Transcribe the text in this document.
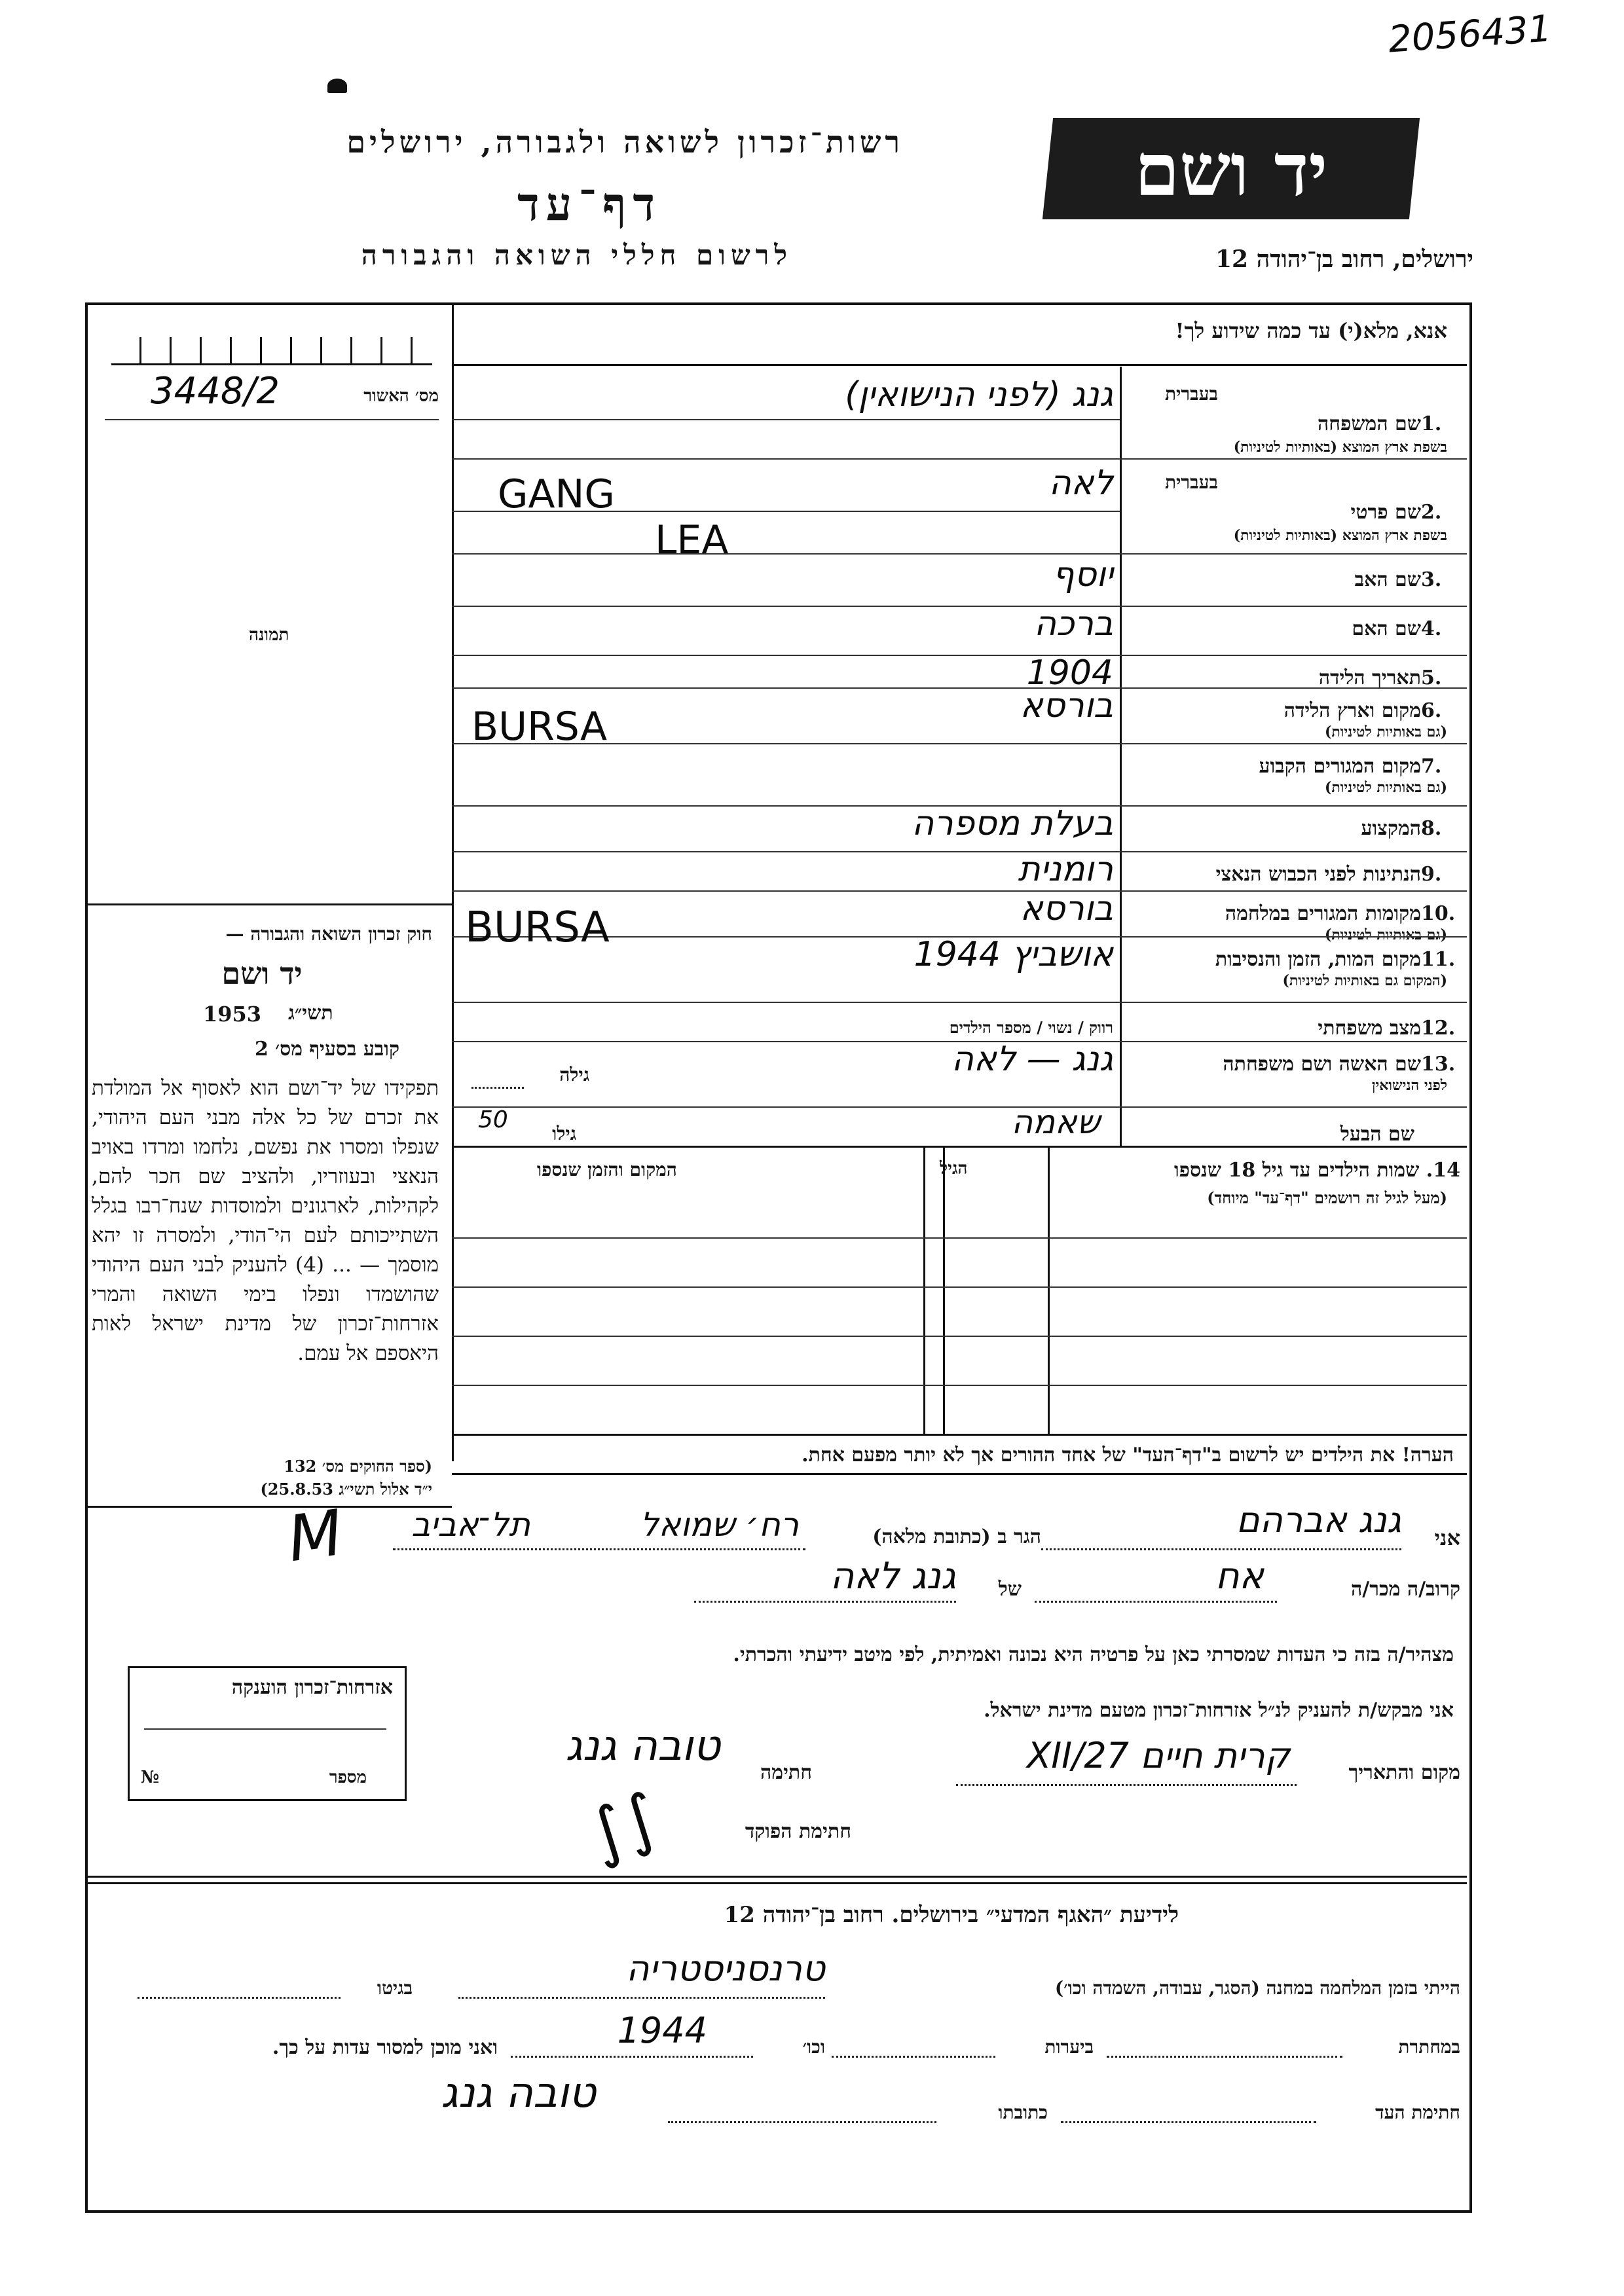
2056431
רשות־זכרון לשואה ולגבורה, ירושלים	יד ושם
דף־עד
לרשום חללי השואה והגבורה	ירושלים, רחוב בן־יהודה 12
אנא, מלא(י) עד כמה שידוע לך!
מס׳ האשור
3448/2
תמונה
חוק זכרון השואה והגבורה —
יד ושם
תשי״ג
1953
קובע בסעיף מס׳ 2
תפקידו של יד־ושם הוא לאסוף אל המולדת את זכרם של כל אלה מבני העם היהודי, שנפלו ומסרו את נפשם, נלחמו ומרדו באויב הנאצי ובעוזריו, ולהציב שם חכר להם, לקהילות, לארגונים ולמוסדות שנח־רבו בגלל השתייכותם לעם הי־הודי, ולמסרה זו יהא מוסמך — ... (4) להעניק לבני העם היהודי שהושמדו ונפלו בימי השואה והמרי אזרחות־זכרון של מדינת ישראל לאות היאספם אל עמם.
(ספר החוקים מס׳ 132
י״ד אלול תשי״ג 25.8.53)
שם המשפחה 1.
בעברית
בשפת ארץ המוצא (באותיות לטיניות)
גנג (לפני הנישואין)
שם פרטי 2.
בעברית
בשפת ארץ המוצא (באותיות לטיניות)
לאה
שם האב 3.
יוסף
שם האם 4.
ברכה
תאריך הלידה 5.
1904
מקום וארץ הלידה 6.
(גם באותיות לטיניות)
בורסא
מקום המגורים הקבוע 7.
(גם באותיות לטיניות)
המקצוע 8.
בעלת מספרה
הנתינות לפני הכבוש הנאצי 9.
רומנית
מקומות המגורים במלחמה 10.
(גם באותיות לטיניות)
בורסא
מקום המות, הזמן והנסיבות 11.
(המקום גם באותיות לטיניות)
אושביץ 1944
מצב משפחתי 12.
רווק / נשוי / מספר הילדים
שם האשה ושם משפחתה 13.
לפני הנישואין
גנג — לאה
GANG
LEA
BURSA
BURSA
גילה
שם הבעל
שאמה
גילו
50
14. שמות הילדים עד גיל 18 שנספו
(מעל לגיל זה רושמים "דף־עד" מיוחד)
הגיל
המקום והזמן שנספו
הערה! את הילדים יש לרשום ב"דף־העד" של אחד ההורים אך לא יותר מפעם אחת.
אני
גנג אברהם
הגר ב (כתובת מלאה)
רח׳ שמואל
תל־אביב
M
קרוב/ה מכר/ה
אח
של
גנג לאה
מצהיר/ה בזה כי העדות שמסרתי כאן על פרטיה היא נכונה ואמיתית, לפי מיטב ידיעתי והכרתי.
אני מבקש/ת להעניק לנ״ל אזרחות־זכרון מטעם מדינת ישראל.
מקום והתאריך
קרית חיים 27/XII
חתימה
טובה גנג
חתימת הפוקד
∫∫
אזרחות־זכרון הוענקה
מספר
№
לידיעת ״האגף המדעי״ בירושלים. רחוב בן־יהודה 12
הייתי בזמן המלחמה במחנה (הסגר, עבודה, השמדה וכו׳)
טרנסניסטריה
בגיטו
במחתרת
ביערות
וכו׳
1944
ואני מוכן למסור עדות על כך.
חתימת העד
כתובתו
טובה גנג
